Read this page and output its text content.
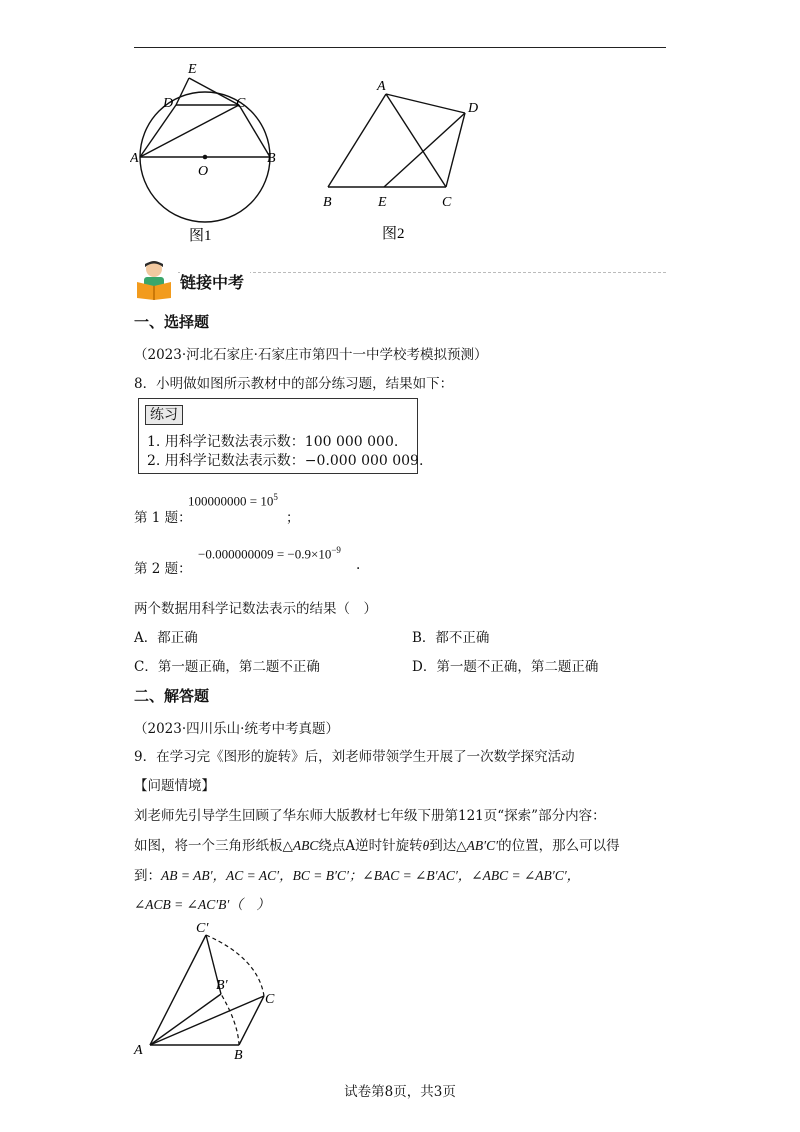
E
D	C
A	B
O
图1
A
D
B	E	C
图2
链接中考
一、选择题
（2023·河北石家庄·石家庄市第四十一中学校考模拟预测）
8．小明做如图所示教材中的部分练习题，结果如下：
练习
1. 用科学记数法表示数：100 000 000.
2. 用科学记数法表示数：−0.000 000 009.
第 1 题：
$100000000 = 10^5$
；
第 2 题：
$-0.000000009 = -0.9\times 10^{-9}$
.
两个数据用科学记数法表示的结果（　）
A．都正确	B．都不正确
C．第一题正确，第二题不正确	D．第一题不正确，第二题正确
二、解答题
（2023·四川乐山·统考中考真题）
9．在学习完《图形的旋转》后，刘老师带领学生开展了一次数学探究活动
【问题情境】
刘老师先引导学生回顾了华东师大版教材七年级下册第121页“探索”部分内容：
如图，将一个三角形纸板△ABC绕点A逆时针旋转θ到达△AB′C′的位置，那么可以得
到：AB = AB′，AC = AC′，BC = B′C′；∠BAC = ∠B′AC′，∠ABC = ∠AB′C′，
∠ACB = ∠AC′B′（　）
C′
B′
C
A	B
试卷第8页，共3页
